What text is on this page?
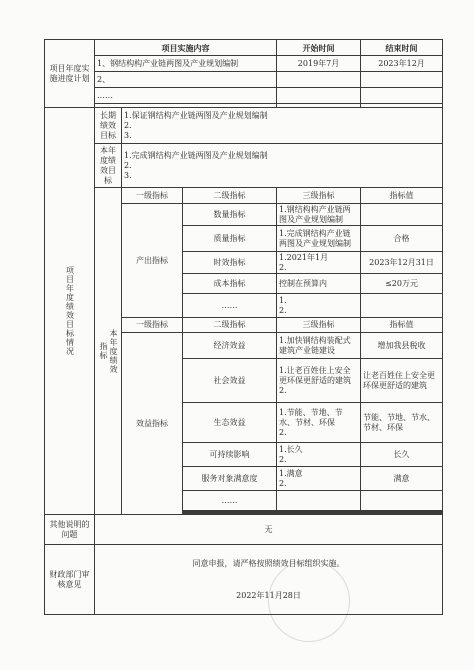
项目年度实施进度计划	项目实施内容			开始时间	结束时间
	1、钢结构构产业链两图及产业规划编制			2019年7月	2023年12月
	2、				
	……				

项目年度绩效目标情况	长期绩效目标	1.保证钢结构产业链两图及产业规划编制
2.
3.			

	本年度绩效目标	1.完成钢结构产业链两图及产业规划编制
2.
3.			

	本年度绩效指标	一级指标	二级指标	三级指标	指标值
		产出指标	数量指标	1.钢结构构产业链两图及产业规划编制	
			质量指标	1.完成钢结构产业链两图及产业规划编制	合格
			时效指标	1.2021年1月
2.	2023年12月31日
			成本指标	控制在预算内	≤20万元
			……	1.
2.	
		一级指标	二级指标	三级指标	指标值
		效益指标	经济效益	1.加快钢结构装配式建筑产业链建设	增加我县税收
			社会效益	1.让老百姓住上安全更环保更舒适的建筑
2.	让老百姓住上安全更环保更舒适的建筑
			生态效益	1.节能、节地、节水、节材、环保
2.	节能、节地、节水、节材、环保
			可持续影响	1.长久
2.	长久
			服务对象满意度	1.满意
2.	满意
			……		

其他说明的问题	无				
财政部门审核意见	同意申报，请严格按照绩效目标组织实施。
2022年11月28日				
